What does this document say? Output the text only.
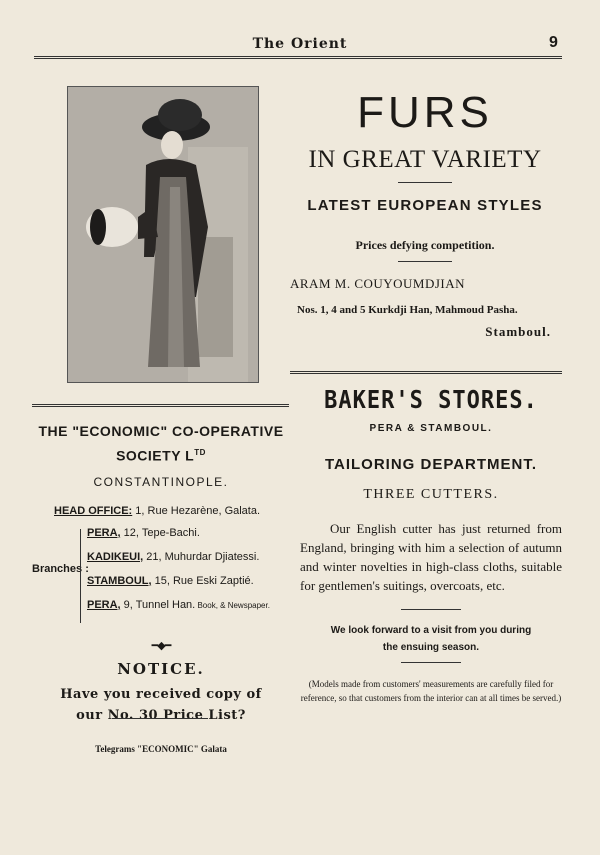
The Orient	9
FURS
IN GREAT VARIETY
LATEST EUROPEAN STYLES
Prices defying competition.
ARAM M. COUYOUMDJIAN
Nos. 1, 4 and 5 Kurkdji Han, Mahmoud Pasha.
Stamboul.
THE "ECONOMIC" CO-OPERATIVE
SOCIETY $L^{TD}$
CONSTANTINOPLE.
HEAD OFFICE: 1, Rue Hezarène, Galata.
Branches :
PERA, 12, Tepe-Bachi.
KADIKEUI, 21, Muhurdar Djiatessi.
STAMBOUL, 15, Rue Eski Zaptié.
PERA, 9, Tunnel Han. Book, & Newspaper.
━◆━
NOTICE.
Have you received copy of
our No. 30 Price List?
Telegrams "ECONOMIC" Galata
BAKER'S STORES.
PERA & STAMBOUL.
TAILORING DEPARTMENT.
THREE CUTTERS.
Our English cutter has just returned from England, bringing with him a selection of autumn and winter novelties in high-class cloths, suitable for gentlemen's suitings, overcoats, etc.
We look forward to a visit from you during
the ensuing season.
(Models made from customers' measurements are carefully filed for reference, so that customers from the interior can at all times be served.)
